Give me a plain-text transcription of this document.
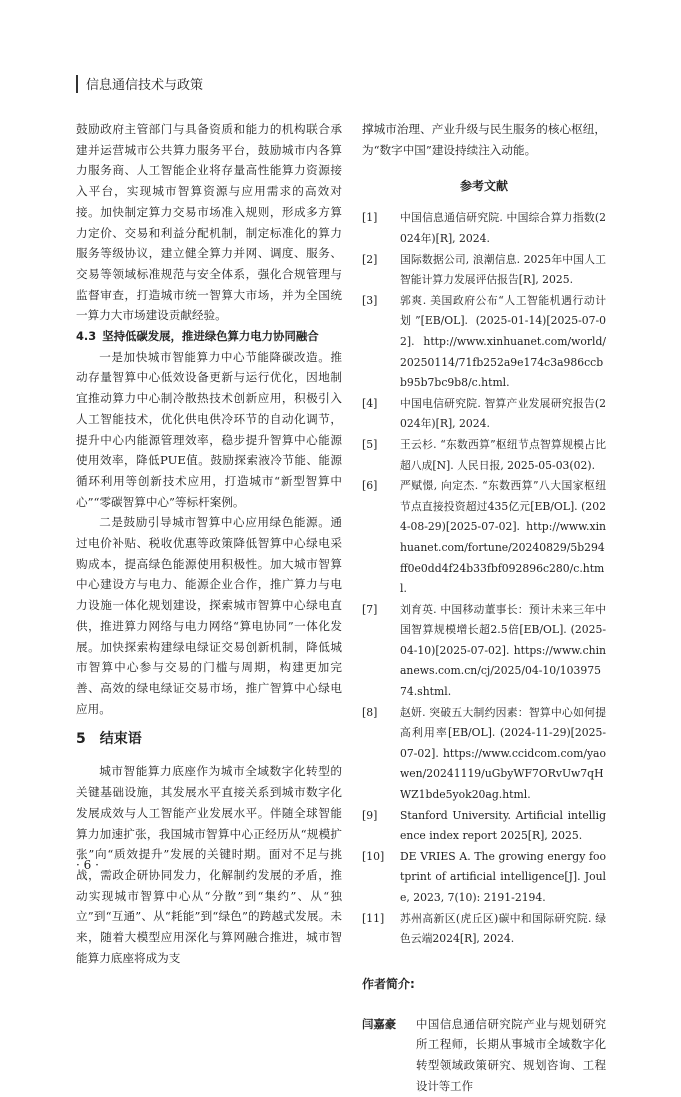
信息通信技术与政策

鼓励政府主管部门与具备资质和能力的机构联合承建并运营城市公共算力服务平台，鼓励城市内各算力服务商、人工智能企业将存量高性能算力资源接入平台，实现城市智算资源与应用需求的高效对接。加快制定算力交易市场准入规则，形成多方算力定价、交易和利益分配机制，制定标准化的算力服务等级协议，建立健全算力并网、调度、服务、交易等领域标准规范与安全体系，强化合规管理与监督审查，打造城市统一智算大市场，并为全国统一算力大市场建设贡献经验。

4.3 坚持低碳发展，推进绿色算力电力协同融合

一是加快城市智能算力中心节能降碳改造。推动存量智算中心低效设备更新与运行优化，因地制宜推动算力中心制冷散热技术创新应用，积极引入人工智能技术，优化供电供冷环节的自动化调节，提升中心内能源管理效率，稳步提升智算中心能源使用效率，降低PUE值。鼓励探索液冷节能、能源循环利用等创新技术应用，打造城市“新型智算中心”“零碳智算中心”等标杆案例。

二是鼓励引导城市智算中心应用绿色能源。通过电价补贴、税收优惠等政策降低智算中心绿电采购成本，提高绿色能源使用积极性。加大城市智算中心建设方与电力、能源企业合作，推广算力与电力设施一体化规划建设，探索城市智算中心绿电直供，推进算力网络与电力网络“算电协同”一体化发展。加快探索构建绿电绿证交易创新机制，降低城市智算中心参与交易的门槛与周期，构建更加完善、高效的绿电绿证交易市场，推广智算中心绿电应用。

5 结束语

城市智能算力底座作为城市全域数字化转型的关键基础设施，其发展水平直接关系到城市数字化发展成效与人工智能产业发展水平。伴随全球智能算力加速扩张，我国城市智算中心正经历从“规模扩张”向“质效提升”发展的关键时期。面对不足与挑战，需政企研协同发力，化解制约发展的矛盾，推动实现城市智算中心从“分散”到“集约”、从“独立”到“互通”、从“耗能”到“绿色”的跨越式发展。未来，随着大模型应用深化与算网融合推进，城市智能算力底座将成为支

撑城市治理、产业升级与民生服务的核心枢纽，为“数字中国”建设持续注入动能。

参考文献
[1]	中国信息通信研究院. 中国综合算力指数(2024年)[R], 2024.
[2]	国际数据公司, 浪潮信息. 2025年中国人工智能计算力发展评估报告[R], 2025.
[3]	郭爽. 美国政府公布“人工智能机遇行动计划”[EB/OL]. (2025-01-14)[2025-07-02]. http://www.xinhuanet.com/world/20250114/71fb252a9e174c3a986ccbb95b7bc9b8/c.html.
[4]	中国电信研究院. 智算产业发展研究报告(2024年)[R], 2024.
[5]	王云杉. “东数西算”枢纽节点智算规模占比超八成[N]. 人民日报, 2025-05-03(02).
[6]	严赋憬, 向定杰. “东数西算”八大国家枢纽节点直接投资超过435亿元[EB/OL]. (2024-08-29)[2025-07-02]. http://www.xinhuanet.com/fortune/20240829/5b294ff0e0dd4f24b33fbf092896c280/c.html.
[7]	刘育英. 中国移动董事长：预计未来三年中国智算规模增长超2.5倍[EB/OL]. (2025-04-10)[2025-07-02]. https://www.chinanews.com.cn/cj/2025/04-10/10397574.shtml.
[8]	赵妍. 突破五大制约因素：智算中心如何提高利用率[EB/OL]. (2024-11-29)[2025-07-02]. https://www.ccidcom.com/yaowen/20241119/uGbyWF7ORvUw7qHWZ1bde5yok20ag.html.
[9]	Stanford University. Artificial intelligence index report 2025[R], 2025.
[10]	DE VRIES A. The growing energy footprint of artificial intelligence[J]. Joule, 2023, 7(10): 2191-2194.
[11]	苏州高新区(虎丘区)碳中和国际研究院. 绿色云端2024[R], 2024.
作者简介:
闫嘉豪	中国信息通信研究院产业与规划研究所工程师，长期从事城市全域数字化转型领域政策研究、规划咨询、工程设计等工作
· 6 ·
